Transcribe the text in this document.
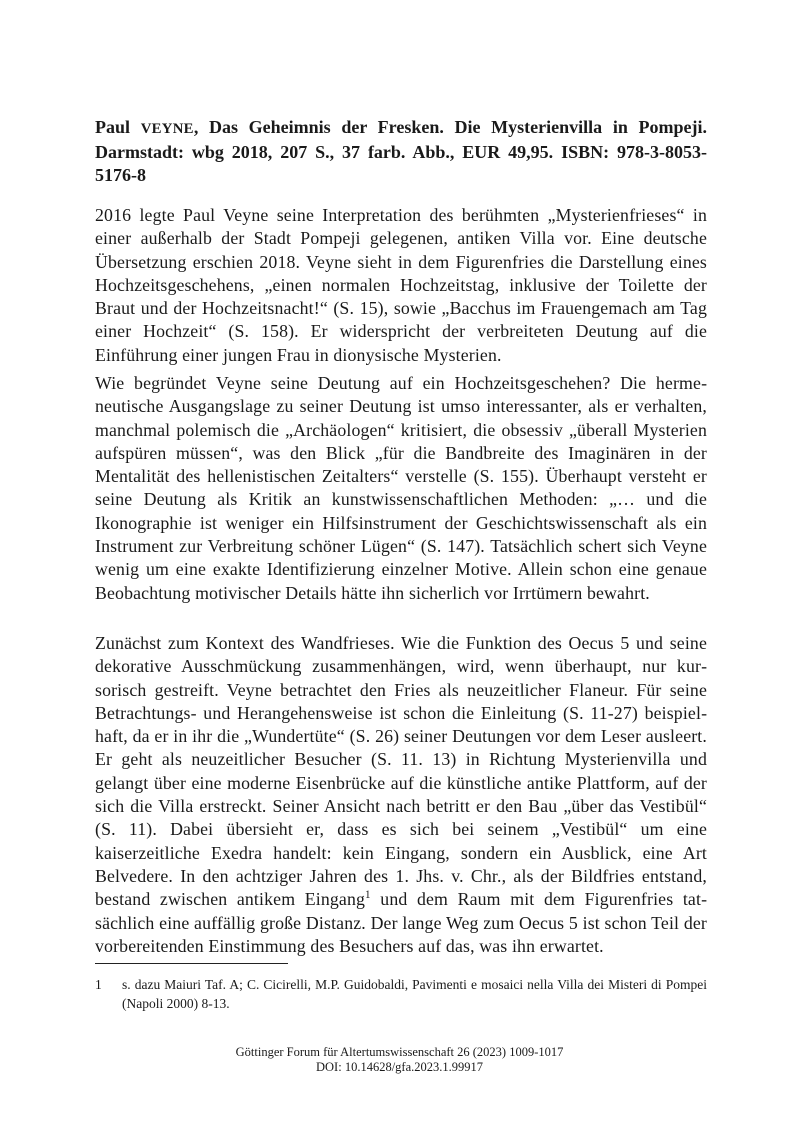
Paul VEYNE, Das Geheimnis der Fresken. Die Mysterienvilla in Pompeji. Darmstadt: wbg 2018, 207 S., 37 farb. Abb., EUR 49,95. ISBN: 978-3-8053-5176-8

2016 legte Paul Veyne seine Interpretation des berühmten „Mysterienfrieses“ in einer außerhalb der Stadt Pompeji gelegenen, antiken Villa vor. Eine deutsche Übersetzung erschien 2018. Veyne sieht in dem Figurenfries die Darstellung eines Hochzeitsgeschehens, „einen normalen Hochzeitstag, inklusive der Toilette der Braut und der Hochzeitsnacht!“ (S. 15), sowie „Bacchus im Frauengemach am Tag einer Hochzeit“ (S. 158). Er widerspricht der verbreiteten Deutung auf die Einführung einer jungen Frau in dionysische Mysterien.

Wie begründet Veyne seine Deutung auf ein Hochzeitsgeschehen? Die hermeneutische Ausgangslage zu seiner Deutung ist umso interessanter, als er verhalten, manchmal polemisch die „Archäologen“ kritisiert, die obsessiv „überall Mysterien aufspüren müssen“, was den Blick „für die Bandbreite des Imaginären in der Mentalität des hellenistischen Zeitalters“ verstelle (S. 155). Überhaupt versteht er seine Deutung als Kritik an kunstwissenschaftlichen Methoden: „… und die Ikonographie ist weniger ein Hilfsinstrument der Geschichtswissenschaft als ein Instrument zur Verbreitung schöner Lügen“ (S. 147). Tatsächlich schert sich Veyne wenig um eine exakte Identifizierung einzelner Motive. Allein schon eine genaue Beobachtung motivischer Details hätte ihn sicherlich vor Irrtümern bewahrt.

Zunächst zum Kontext des Wandfrieses. Wie die Funktion des Oecus 5 und seine dekorative Ausschmückung zusammenhängen, wird, wenn überhaupt, nur kursorisch gestreift. Veyne betrachtet den Fries als neuzeitlicher Flaneur. Für seine Betrachtungs- und Herangehensweise ist schon die Einleitung (S. 11-27) beispielhaft, da er in ihr die „Wundertüte“ (S. 26) seiner Deutungen vor dem Leser ausleert. Er geht als neuzeitlicher Besucher (S. 11. 13) in Richtung Mysterienvilla und gelangt über eine moderne Eisenbrücke auf die künstliche antike Plattform, auf der sich die Villa erstreckt. Seiner Ansicht nach betritt er den Bau „über das Vestibül“ (S. 11). Dabei übersieht er, dass es sich bei seinem „Vestibül“ um eine kaiserzeitliche Exedra handelt: kein Eingang, sondern ein Ausblick, eine Art Belvedere. In den achtziger Jahren des 1. Jhs. v. Chr., als der Bildfries entstand, bestand zwischen antikem Eingang$^1$ und dem Raum mit dem Figurenfries tatsächlich eine auffällig große Distanz. Der lange Weg zum Oecus 5 ist schon Teil der vorbereitenden Einstimmung des Besuchers auf das, was ihn erwartet.

1 s. dazu Maiuri Taf. A; C. Cicirelli, M.P. Guidobaldi, Pavimenti e mosaici nella Villa dei Misteri di Pompei (Napoli 2000) 8-13.
Göttinger Forum für Altertumswissenschaft 26 (2023) 1009-1017
DOI: 10.14628/gfa.2023.1.99917
